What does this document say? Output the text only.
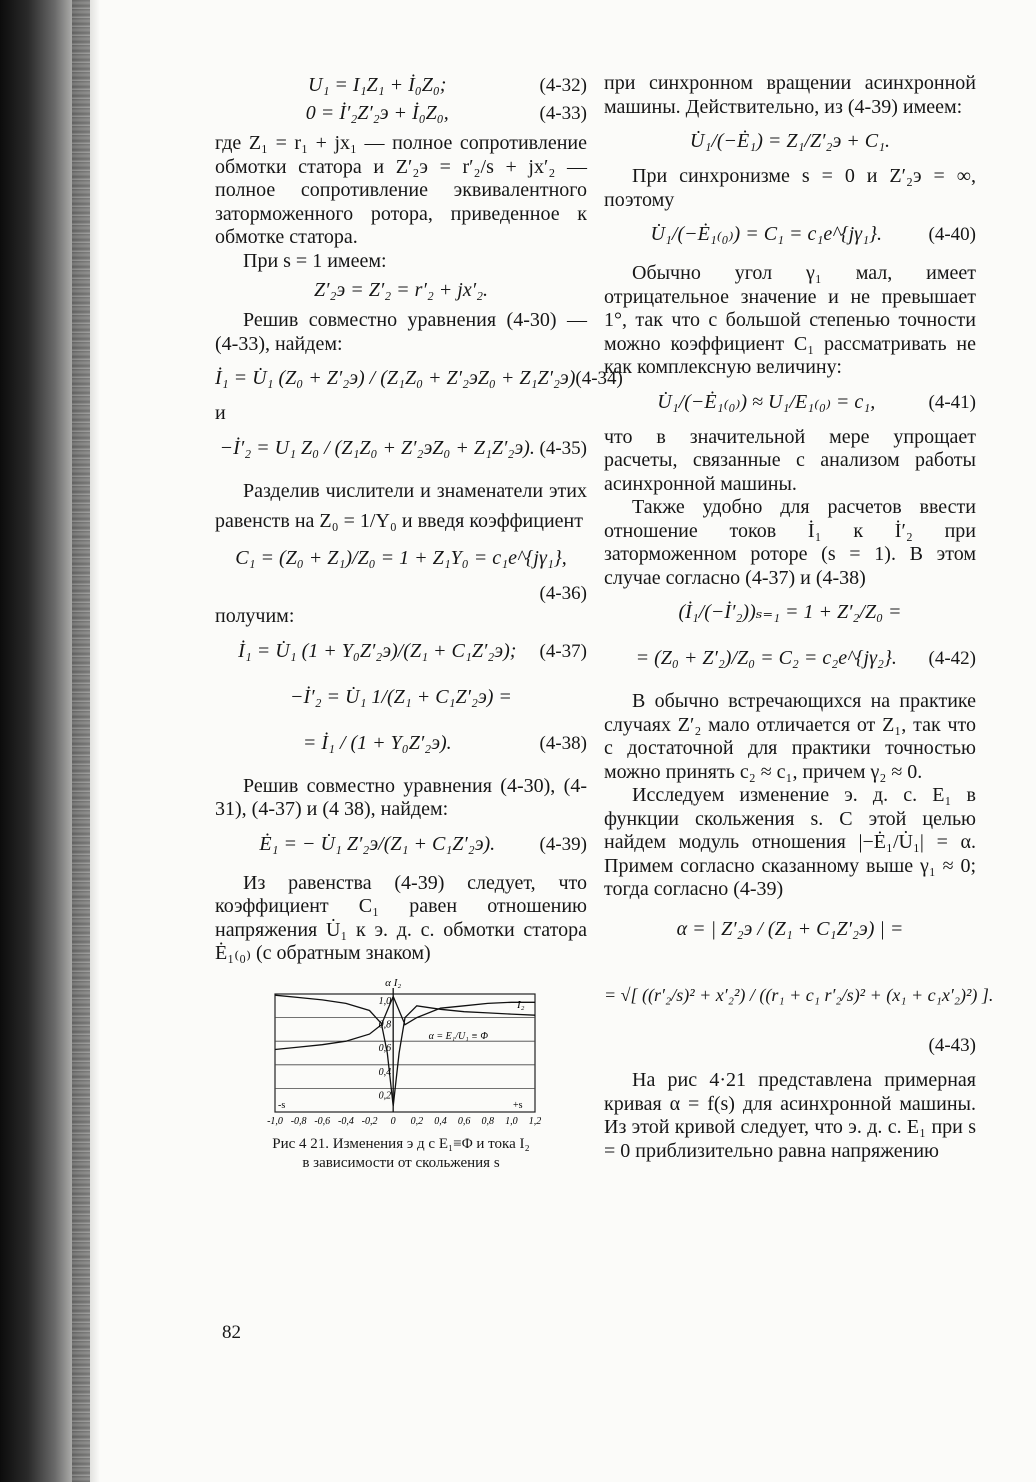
U₁ = I₁Z₁ + İ₀Z₀;	(4-32)
0 = İ′₂Z′₂э + İ₀Z₀,	(4-33)

где Z₁ = r₁ + jx₁ — полное сопротивление обмотки статора и Z′₂э = r′₂/s + jx′₂ — полное сопротивление эквивалентного заторможенного ротора, приведенное к обмотке статора.

При s = 1 имеем:

Z′₂э = Z′₂ = r′₂ + jx′₂.

Решив совместно уравнения (4-30) — (4-33), найдем:

İ₁ = U̇₁ (Z₀ + Z′₂э) / (Z₁Z₀ + Z′₂эZ₀ + Z₁Z′₂э) (4-34)

и

−İ′₂ = U₁ Z₀ / (Z₁Z₀ + Z′₂эZ₀ + Z₁Z′₂э). (4-35)

Разделив числители и знаменатели этих равенств на Z₀ = 1/Y₀ и введя коэффициент

C₁ = (Z₀ + Z₁)/Z₀ = 1 + Z₁Y₀ = c₁e^{jγ₁},
(4-36)

получим:

İ₁ = U̇₁ (1 + Y₀Z′₂э)/(Z₁ + C₁Z′₂э);	(4-37)
−İ′₂ = U̇₁ 1/(Z₁ + C₁Z′₂э) =
= İ₁ / (1 + Y₀Z′₂э).	(4-38)

Решив совместно уравнения (4-30), (4-31), (4-37) и (4 38), найдем:

Ė₁ = − U̇₁ Z′₂э/(Z₁ + C₁Z′₂э).	(4-39)

Из равенства (4-39) следует, что коэффициент C₁ равен отношению напряжения U̇₁ к э. д. с. обмотки статора Ė₁₍₀₎ (с обратным знаком)

-1,0 -0,8 -0,6 -0,4 -0,2 0 0,2 0,4 0,6 0,8 1,0 1,2
1,0
0,8
0,6
0,4
0,2
α I₂
-s	+s
I₂
α = E₁/U₁ ≡ Φ
Рис 4 21. Изменения э д с E₁≡Φ и тока I₂
в зависимости от скольжения s
82

при синхронном вращении асинхронной машины. Действительно, из (4-39) имеем:

U̇₁/(−Ė₁) = Z₁/Z′₂э + C₁.

При синхронизме s = 0 и Z′₂э = ∞, поэтому

U̇₁/(−Ė₁₍₀₎) = C₁ = c₁e^{jγ₁}.	(4-40)

Обычно угол γ₁ мал, имеет отрицательное значение и не превышает 1°, так что с большой степенью точности можно коэффициент C₁ рассматривать не как комплексную величину:

U̇₁/(−Ė₁₍₀₎) ≈ U₁/E₁₍₀₎ = c₁,	(4-41)

что в значительной мере упрощает расчеты, связанные с анализом работы асинхронной машины.

Также удобно для расчетов ввести отношение токов İ₁ к İ′₂ при заторможенном роторе (s = 1). В этом случае согласно (4-37) и (4-38)

(İ₁/(−İ′₂))ₛ₌₁ = 1 + Z′₂/Z₀ =
= (Z₀ + Z′₂)/Z₀ = C₂ = c₂e^{jγ₂}.	(4-42)

В обычно встречающихся на практике случаях Z′₂ мало отличается от Z₁, так что с достаточной для практики точностью можно принять c₂ ≈ c₁, причем γ₂ ≈ 0.

Исследуем изменение э. д. с. E₁ в функции скольжения s. С этой целью найдем модуль отношения |−Ė₁/U̇₁| = α. Примем согласно сказанному выше γ₁ ≈ 0; тогда согласно (4-39)

α = | Z′₂э / (Z₁ + C₁Z′₂э) | =
= √[ ((r′₂/s)² + x′₂²) / ((r₁ + c₁ r′₂/s)² + (x₁ + c₁x′₂)²) ].
(4-43)

На рис 4·21 представлена примерная кривая α = f(s) для асинхронной машины. Из этой кривой следует, что э. д. с. E₁ при s = 0 приблизительно равна напряжению
